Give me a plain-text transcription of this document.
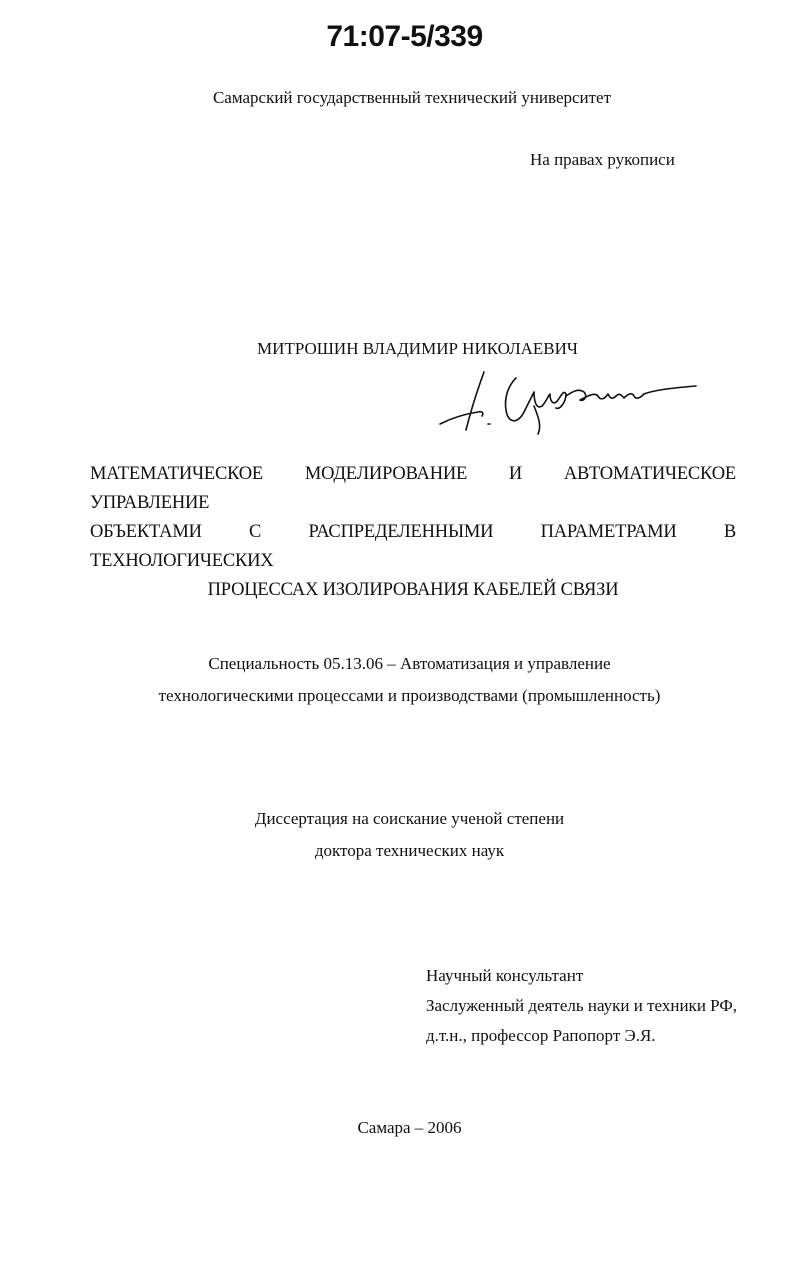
71:07-5/339
Самарский государственный технический университет
На правах рукописи
МИТРОШИН ВЛАДИМИР НИКОЛАЕВИЧ
МАТЕМАТИЧЕСКОЕ МОДЕЛИРОВАНИЕ И АВТОМАТИЧЕСКОЕ УПРАВЛЕНИЕ
ОБЪЕКТАМИ С РАСПРЕДЕЛЕННЫМИ ПАРАМЕТРАМИ В ТЕХНОЛОГИЧЕСКИХ
ПРОЦЕССАХ ИЗОЛИРОВАНИЯ КАБЕЛЕЙ СВЯЗИ
Специальность 05.13.06 – Автоматизация и управление
технологическими процессами и производствами (промышленность)
Диссертация на соискание ученой степени
доктора технических наук
Научный консультант
Заслуженный деятель науки и техники РФ,
д.т.н., профессор Рапопорт Э.Я.
Самара – 2006
